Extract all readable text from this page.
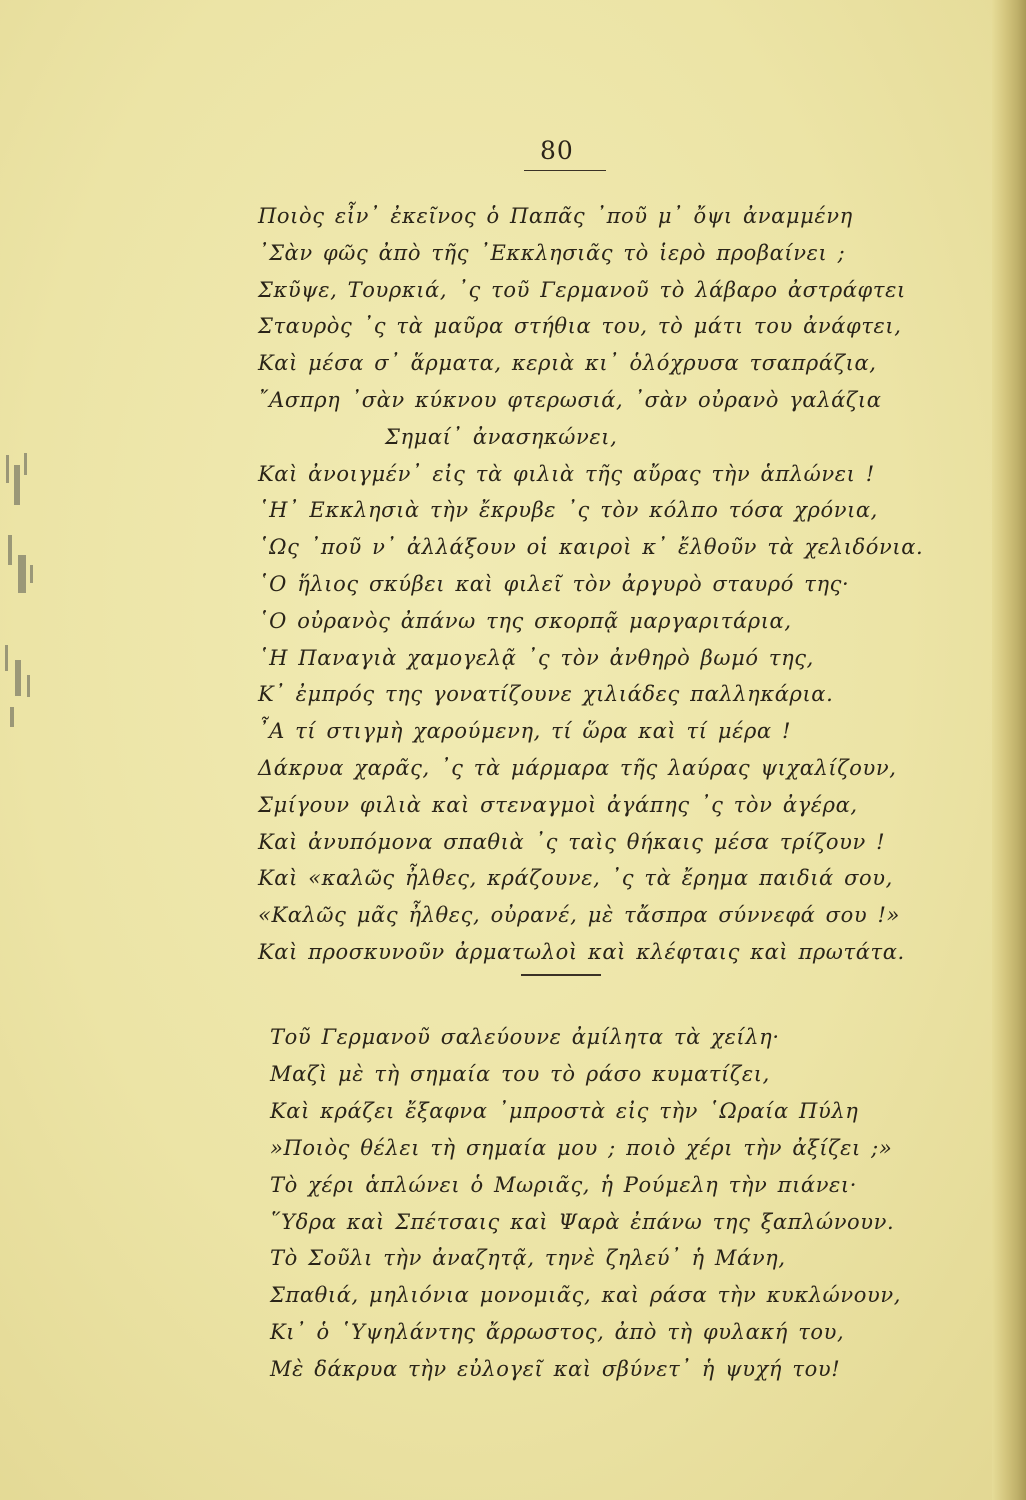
80
Ποιὸς εἶν᾽ ἐκεῖνος ὁ Παπᾶς ᾽ποῦ μ᾽ ὄψι ἀναμμένη
᾽Σὰν φῶς ἀπὸ τῆς ᾽Εκκλησιᾶς τὸ ἱερὸ προβαίνει ;
Σκῦψε, Τουρκιά, ᾽ς τοῦ Γερμανοῦ τὸ λάβαρο ἀστράφτει
Σταυρὸς ᾽ς τὰ μαῦρα στήθια του, τὸ μάτι του ἀνάφτει,
Καὶ μέσα σ᾽ ἅρματα, κεριὰ κι᾽ ὁλόχρυσα τσαπράζια,
῎Ασπρη ᾽σὰν κύκνου φτερωσιά, ᾽σὰν οὐρανὸ γαλάζια
Σημαί᾽ ἀνασηκώνει,
Καὶ ἀνοιγμέν᾽ εἰς τὰ φιλιὰ τῆς αὔρας τὴν ἁπλώνει !
῾Η᾽ Εκκλησιὰ τὴν ἔκρυβε ᾽ς τὸν κόλπο τόσα χρόνια,
῾Ως ᾽ποῦ ν᾽ ἀλλάξουν οἱ καιροὶ κ᾽ ἔλθοῦν τὰ χελιδόνια.
῾Ο ἥλιος σκύβει καὶ φιλεῖ τὸν ἀργυρὸ σταυρό της·
῾Ο οὐρανὸς ἀπάνω της σκορπᾷ μαργαριτάρια,
῾Η Παναγιὰ χαμογελᾷ ᾽ς τὸν ἀνθηρὸ βωμό της,
Κ᾽ ἐμπρός της γονατίζουνε χιλιάδες παλληκάρια.
῏Α τί στιγμὴ χαρούμενη, τί ὥρα καὶ τί μέρα !
Δάκρυα χαρᾶς, ᾽ς τὰ μάρμαρα τῆς λαύρας ψιχαλίζουν,
Σμίγουν φιλιὰ καὶ στεναγμοὶ ἀγάπης ᾽ς τὸν ἀγέρα,
Καὶ ἀνυπόμονα σπαθιὰ ᾽ς ταὶς θήκαις μέσα τρίζουν !
Καὶ «καλῶς ἦλθες, κράζουνε, ᾽ς τὰ ἔρημα παιδιά σου,
«Καλῶς μᾶς ἦλθες, οὐρανέ, μὲ τἄσπρα σύννεφά σου !»
Καὶ προσκυνοῦν ἀρματωλοὶ καὶ κλέφταις καὶ πρωτάτα.
Τοῦ Γερμανοῦ σαλεύουνε ἀμίλητα τὰ χείλη·
Μαζὶ μὲ τὴ σημαία του τὸ ράσο κυματίζει,
Καὶ κράζει ἔξαφνα ᾽μπροστὰ εἰς τὴν ῾Ωραία Πύλη
»Ποιὸς θέλει τὴ σημαία μου ; ποιὸ χέρι τὴν ἀξίζει ;»
Τὸ χέρι ἁπλώνει ὁ Μωριᾶς, ἡ Ρούμελη τὴν πιάνει·
῞Υδρα καὶ Σπέτσαις καὶ Ψαρὰ ἐπάνω της ξαπλώνουν.
Τὸ Σοῦλι τὴν ἀναζητᾷ, τηνὲ ζηλεύ᾽ ἡ Μάνη,
Σπαθιά, μηλιόνια μονομιᾶς, καὶ ράσα τὴν κυκλώνουν,
Κι᾽ ὁ ῾Υψηλάντης ἄρρωστος, ἀπὸ τὴ φυλακή του,
Μὲ δάκρυα τὴν εὐλογεῖ καὶ σβύνετ᾽ ἡ ψυχή του!
